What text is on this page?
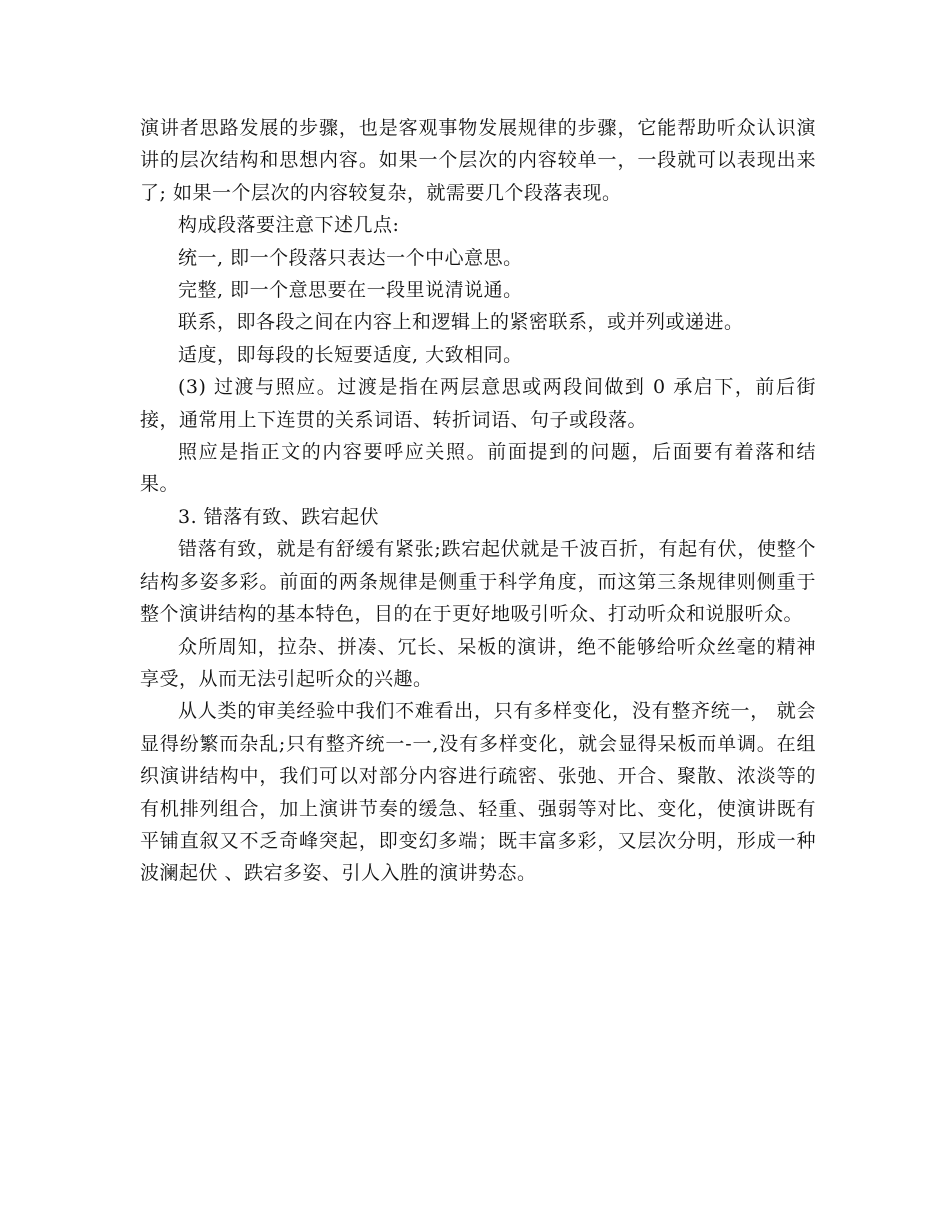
演讲者思路发展的步骤，也是客观事物发展规律的步骤，它能帮助听众认识演讲的层次结构和思想内容。如果一个层次的内容较单一，一段就可以表现出来了; 如果一个层次的内容较复杂，就需要几个段落表现。

构成段落要注意下述几点:

统一, 即一个段落只表达一个中心意思。

完整, 即一个意思要在一段里说清说通。

联系，即各段之间在内容上和逻辑上的紧密联系，或并列或递进。

适度，即每段的长短要适度, 大致相同。

(3) 过渡与照应。过渡是指在两层意思或两段间做到 0 承启下，前后街接，通常用上下连贯的关系词语、转折词语、句子或段落。

照应是指正文的内容要呼应关照。前面提到的问题，后面要有着落和结果。

3. 错落有致、跌宕起伏

错落有致，就是有舒缓有紧张;跌宕起伏就是千波百折，有起有伏，使整个结构多姿多彩。前面的两条规律是侧重于科学角度，而这第三条规律则侧重于整个演讲结构的基本特色，目的在于更好地吸引听众、打动听众和说服听众。

众所周知，拉杂、拼凑、冗长、呆板的演讲，绝不能够给听众丝毫的精神享受，从而无法引起听众的兴趣。

从人类的审美经验中我们不难看出，只有多样变化，没有整齐统一， 就会显得纷繁而杂乱;只有整齐统一-一,没有多样变化，就会显得呆板而单调。在组织演讲结构中，我们可以对部分内容进行疏密、张弛、开合、聚散、浓淡等的有机排列组合，加上演讲节奏的缓急、轻重、强弱等对比、变化，使演讲既有平铺直叙又不乏奇峰突起，即变幻多端；既丰富多彩，又层次分明，形成一种波澜起伏 、跌宕多姿、引人入胜的演讲势态。
